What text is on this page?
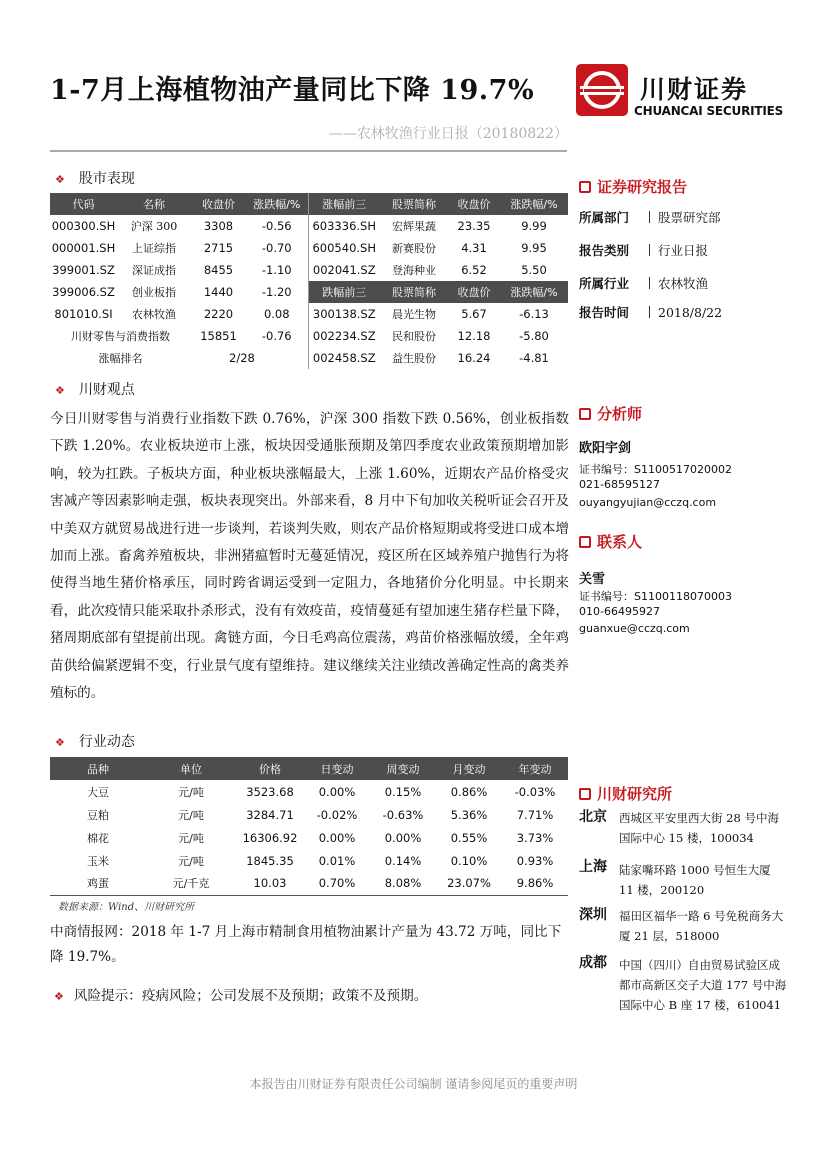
1-7月上海植物油产量同比下降 19.7%
——农林牧渔行业日报（20180822）
川财证券
CHUANCAI SECURITIES
❖ 股市表现
代码	名称	收盘价	涨跌幅/%	涨幅前三	股票简称	收盘价	涨跌幅/%
000300.SH	沪深 300	3308	-0.56	603336.SH	宏辉果蔬	23.35	9.99
000001.SH	上证综指	2715	-0.70	600540.SH	新赛股份	4.31	9.95
399001.SZ	深证成指	8455	-1.10	002041.SZ	登海种业	6.52	5.50
399006.SZ	创业板指	1440	-1.20	跌幅前三	股票简称	收盘价	涨跌幅/%
801010.SI	农林牧渔	2220	0.08	300138.SZ	晨光生物	5.67	-6.13
川财零售与消费指数		15851	-0.76	002234.SZ	民和股份	12.18	-5.80
涨幅排名		2/28		002458.SZ	益生股份	16.24	-4.81
❖ 川财观点
今日川财零售与消费行业指数下跌 0.76%，沪深 300 指数下跌 0.56%，创业板指数下跌 1.20%。农业板块逆市上涨，板块因受通胀预期及第四季度农业政策预期增加影响，较为扛跌。子板块方面，种业板块涨幅最大，上涨 1.60%，近期农产品价格受灾害减产等因素影响走强，板块表现突出。外部来看，8 月中下旬加收关税听证会召开及中美双方就贸易战进行进一步谈判，若谈判失败，则农产品价格短期或将受进口成本增加而上涨。畜禽养殖板块，非洲猪瘟暂时无蔓延情况，疫区所在区域养殖户抛售行为将使得当地生猪价格承压，同时跨省调运受到一定阻力，各地猪价分化明显。中长期来看，此次疫情只能采取扑杀形式，没有有效疫苗，疫情蔓延有望加速生猪存栏量下降，猪周期底部有望提前出现。禽链方面，今日毛鸡高位震荡，鸡苗价格涨幅放缓，全年鸡苗供给偏紧逻辑不变，行业景气度有望维持。建议继续关注业绩改善确定性高的禽类养殖标的。
❖ 行业动态
品种	单位	价格	日变动	周变动	月变动	年变动
大豆	元/吨	3523.68	0.00%	0.15%	0.86%	-0.03%
豆粕	元/吨	3284.71	-0.02%	-0.63%	5.36%	7.71%
棉花	元/吨	16306.92	0.00%	0.00%	0.55%	3.73%
玉米	元/吨	1845.35	0.01%	0.14%	0.10%	0.93%
鸡蛋	元/千克	10.03	0.70%	8.08%	23.07%	9.86%
数据来源：Wind、川财研究所
中商情报网：2018 年 1-7 月上海市精制食用植物油累计产量为 43.72 万吨，同比下降 19.7%。
❖ 风险提示：疫病风险；公司发展不及预期；政策不及预期。
证券研究报告
所属部门 股票研究部
报告类别 行业日报
所属行业 农林牧渔
报告时间 2018/8/22
分析师
欧阳宇剑
证书编号：S1100517020002
021-68595127
ouyangyujian@cczq.com
联系人
关雪
证书编号：S1100118070003
010-66495927
guanxue@cczq.com
川财研究所
北京 西城区平安里西大街 28 号中海国际中心 15 楼，100034
上海 陆家嘴环路 1000 号恒生大厦 11 楼，200120
深圳 福田区福华一路 6 号免税商务大厦 21 层，518000
成都 中国（四川）自由贸易试验区成都市高新区交子大道 177 号中海国际中心 B 座 17 楼，610041
本报告由川财证券有限责任公司编制 谨请参阅尾页的重要声明
